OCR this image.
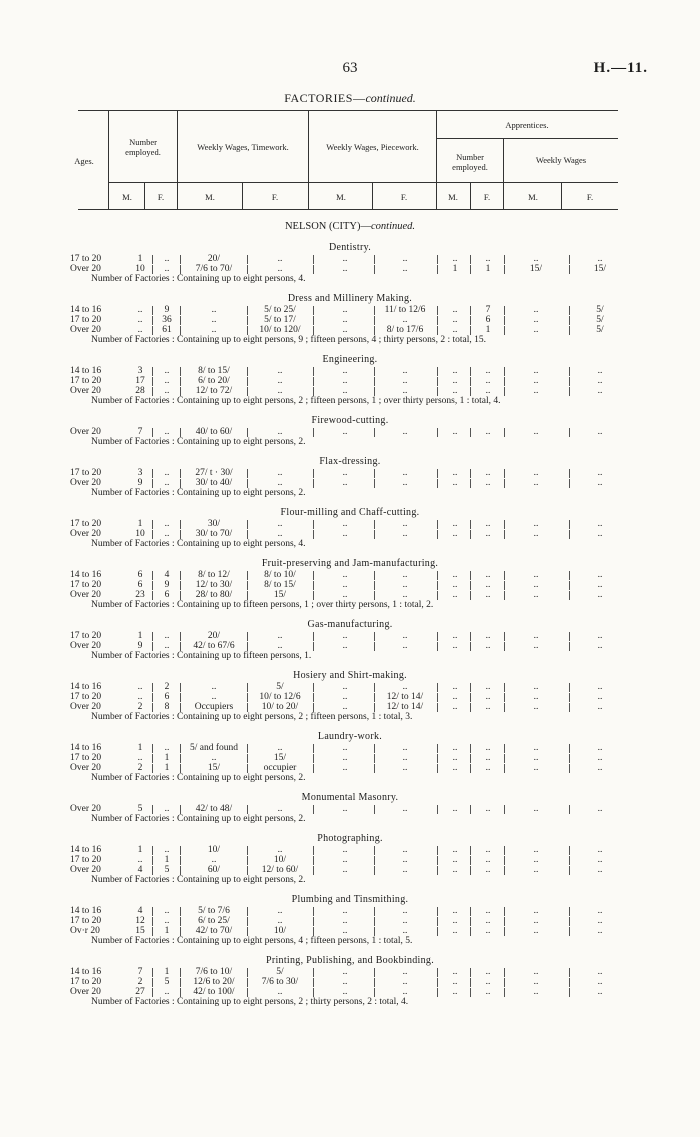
63	H.—11.
FACTORIES—continued.
Ages.
Number employed.	Weekly Wages, Timework.	Weekly Wages, Piecework.
Apprentices.
Number employed.
Weekly Wages
M.	F.	M.	F.	M.	F.	M.	F.	M.	F.
NELSON (CITY)—continued.
Dentistry.
17 to 20	1	..	20/	..	..	..	..	..	..	..
Over 20	10	..	7/6 to 70/	..	..	..	1	1	15/	15/
Number of Factories : Containing up to eight persons, 4.
Dress and Millinery Making.
14 to 16	..	9	..	5/ to 25/	..	11/ to 12/6	..	7	..	5/
17 to 20	..	36	..	5/ to 17/	..	..	..	6	..	5/
Over 20	..	61	..	10/ to 120/	..	8/ to 17/6	..	1	..	5/
Number of Factories : Containing up to eight persons, 9 ; fifteen persons, 4 ; thirty persons, 2 : total, 15.
Engineering.
14 to 16	3	..	8/ to 15/	..	..	..	..	..	..	..
17 to 20	17	..	6/ to 20/	..	..	..	..	..	..	..
Over 20	28	..	12/ to 72/	..	..	..	..	..	..	..
Number of Factories : Containing up to eight persons, 2 ; fifteen persons, 1 ; over thirty persons, 1 : total, 4.
Firewood-cutting.
Over 20	7	..	40/ to 60/	..	..	..	..	..	..	..
Number of Factories : Containing up to eight persons, 2.
Flax-dressing.
17 to 20	3	..	27/ t · 30/	..	..	..	..	..	..	..
Over 20	9	..	30/ to 40/	..	..	..	..	..	..	..
Number of Factories : Containing up to eight persons, 2.
Flour-milling and Chaff-cutting.
17 to 20	1	..	30/	..	..	..	..	..	..	..
Over 20	10	..	30/ to 70/	..	..	..	..	..	..	..
Number of Factories : Containing up to eight persons, 4.
Fruit-preserving and Jam-manufacturing.
14 to 16	6	4	8/ to 12/	8/ to 10/	..	..	..	..	..	..
17 to 20	6	9	12/ to 30/	8/ to 15/	..	..	..	..	..	..
Over 20	23	6	28/ to 80/	15/	..	..	..	..	..	..
Number of Factories : Containing up to fifteen persons, 1 ; over thirty persons, 1 : total, 2.
Gas-manufacturing.
17 to 20	1	..	20/	..	..	..	..	..	..	..
Over 20	9	..	42/ to 67/6	..	..	..	..	..	..	..
Number of Factories : Containing up to fifteen persons, 1.
Hosiery and Shirt-making.
14 to 16	..	2	..	5/	..	..	..	..	..	..
17 to 20	..	6	..	10/ to 12/6	..	12/ to 14/	..	..	..	..
Over 20	2	8	Occupiers	10/ to 20/	..	12/ to 14/	..	..	..	..
Number of Factories : Containing up to eight persons, 2 ; fifteen persons, 1 : total, 3.
Laundry-work.
14 to 16	1	..	5/ and found	..	..	..	..	..	..	..
17 to 20	..	1	..	15/	..	..	..	..	..	..
Over 20	2	1	15/	occupier	..	..	..	..	..	..
Number of Factories : Containing up to eight persons, 2.
Monumental Masonry.
Over 20	5	..	42/ to 48/	..	..	..	..	..	..	..
Number of Factories : Containing up to eight persons, 2.
Photographing.
14 to 16	1	..	10/	..	..	..	..	..	..	..
17 to 20	..	1	..	10/	..	..	..	..	..	..
Over 20	4	5	60/	12/ to 60/	..	..	..	..	..	..
Number of Factories : Containing up to eight persons, 2.
Plumbing and Tinsmithing.
14 to 16	4	..	5/ to 7/6	..	..	..	..	..	..	..
17 to 20	12	..	6/ to 25/	..	..	..	..	..	..	..
Ov·r 20	15	1	42/ to 70/	10/	..	..	..	..	..	..
Number of Factories : Containing up to eight persons, 4 ; fifteen persons, 1 : total, 5.
Printing, Publishing, and Bookbinding.
14 to 16	7	1	7/6 to 10/	5/	..	..	..	..	..	..
17 to 20	2	5	12/6 to 20/	7/6 to 30/	..	..	..	..	..	..
Over 20	27	..	42/ to 100/	..	..	..	..	..	..	..
Number of Factories : Containing up to eight persons, 2 ; thirty persons, 2 : total, 4.
